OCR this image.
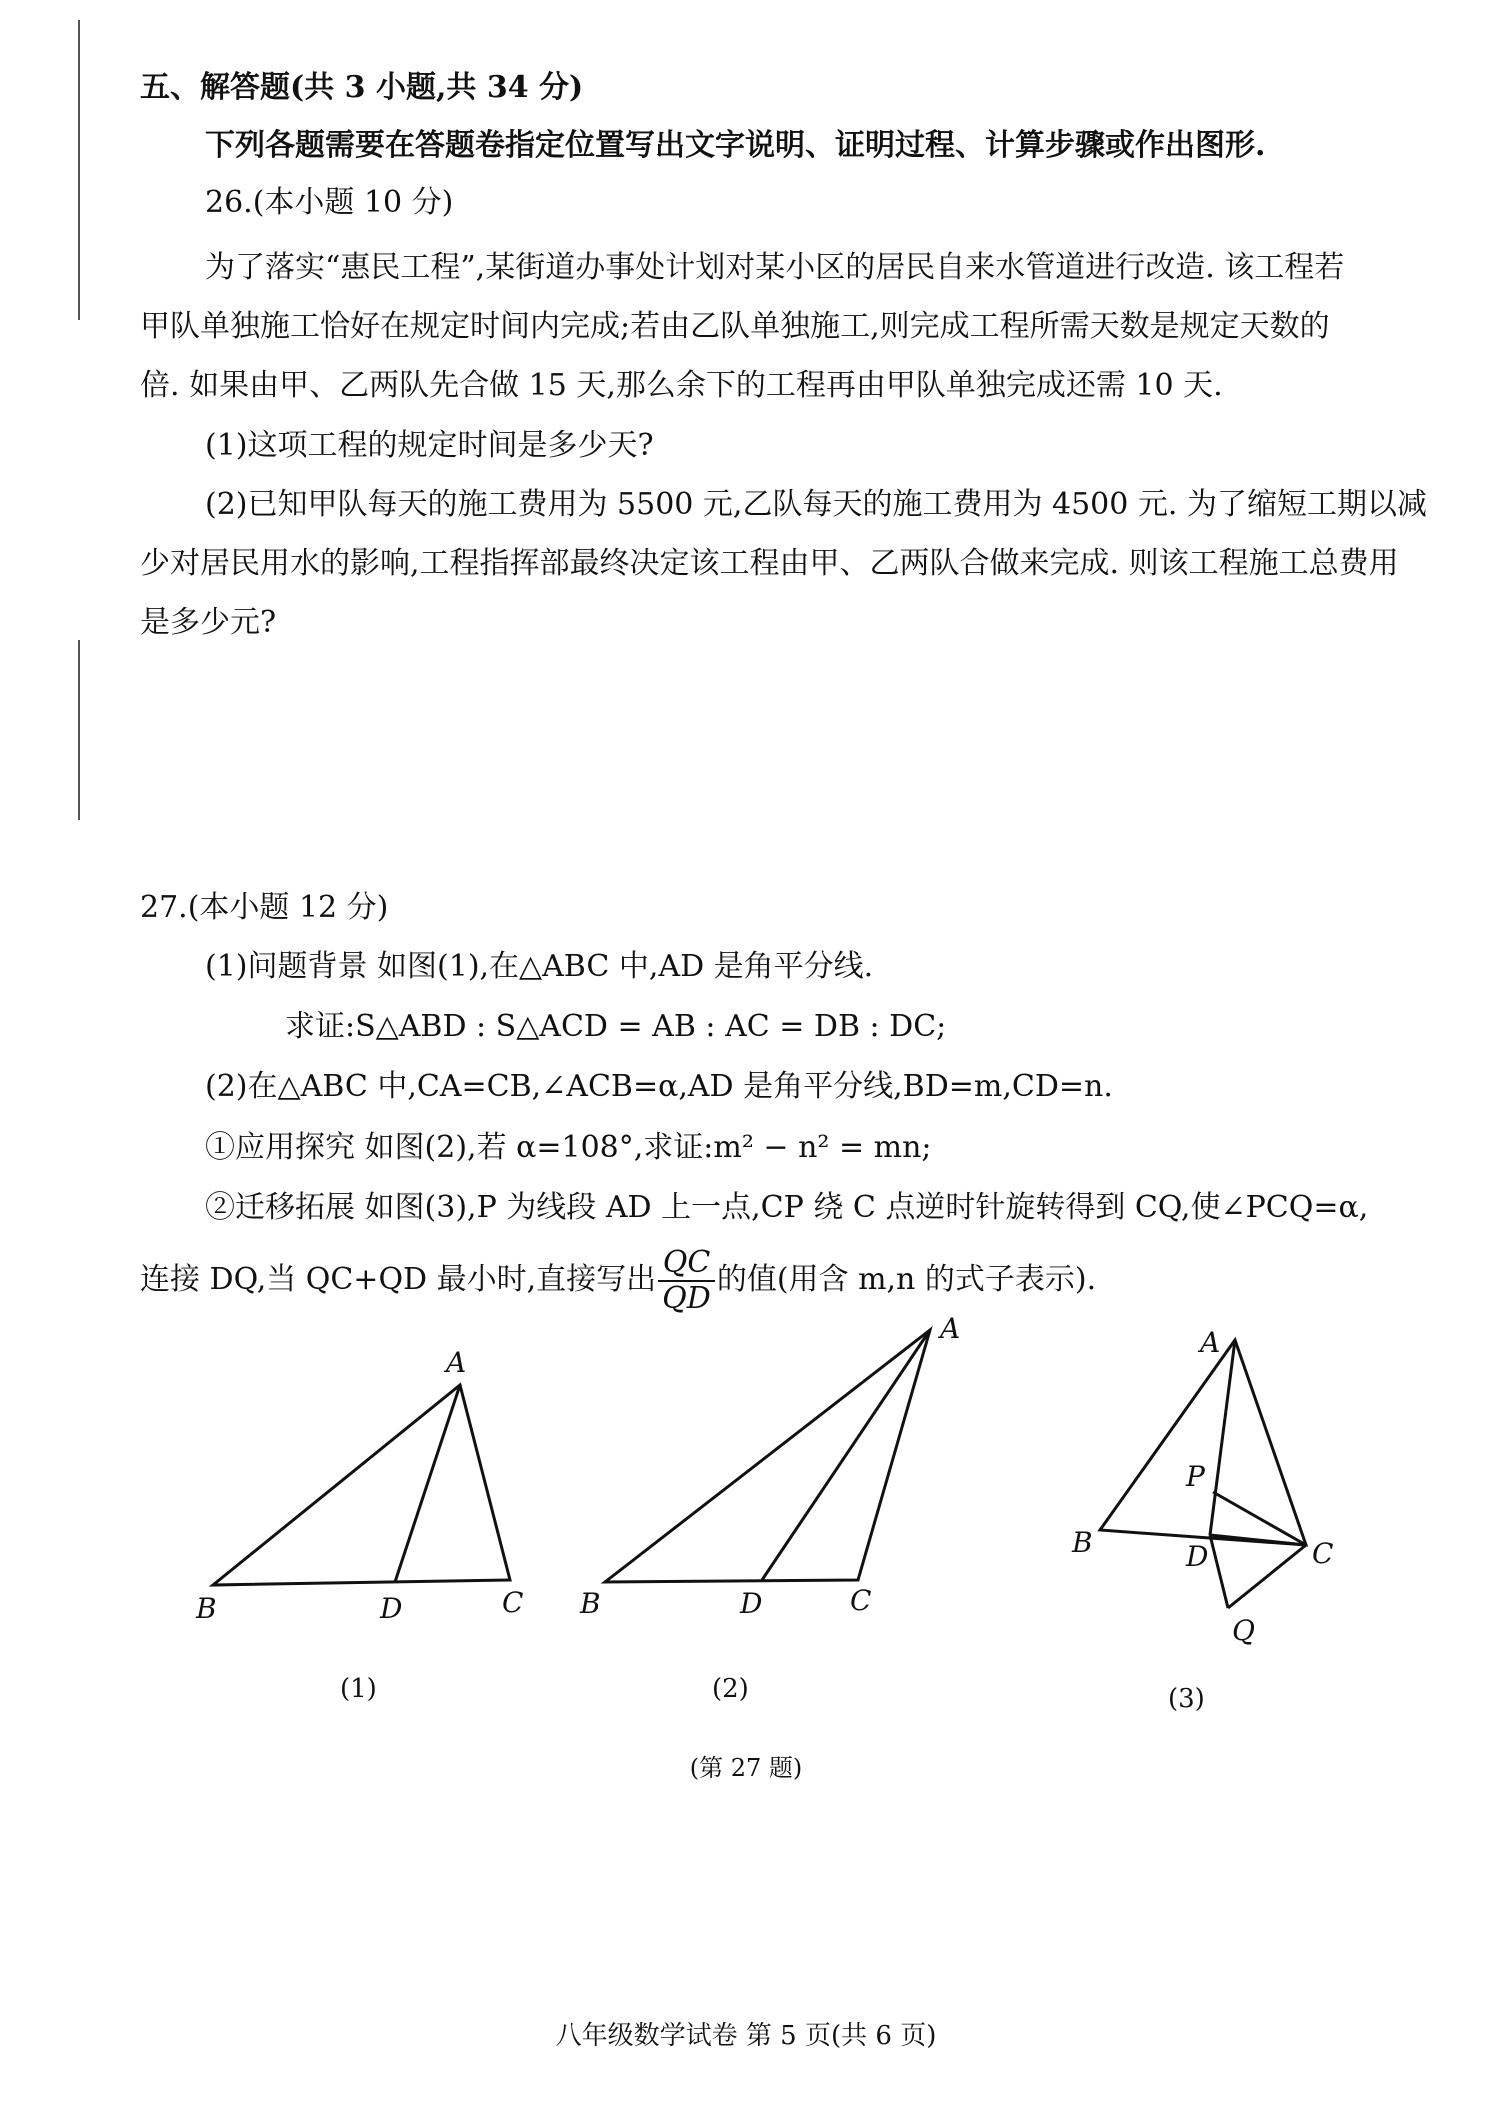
五、解答题(共 3 小题,共 34 分)
下列各题需要在答题卷指定位置写出文字说明、证明过程、计算步骤或作出图形.
26.(本小题 10 分)
为了落实“惠民工程”,某街道办事处计划对某小区的居民自来水管道进行改造. 该工程若
甲队单独施工恰好在规定时间内完成;若由乙队单独施工,则完成工程所需天数是规定天数的
倍. 如果由甲、乙两队先合做 15 天,那么余下的工程再由甲队单独完成还需 10 天.
(1)这项工程的规定时间是多少天?
(2)已知甲队每天的施工费用为 5500 元,乙队每天的施工费用为 4500 元. 为了缩短工期以减
少对居民用水的影响,工程指挥部最终决定该工程由甲、乙两队合做来完成. 则该工程施工总费用
是多少元?
27.(本小题 12 分)
(1)问题背景 如图(1),在△ABC 中,AD 是角平分线.
求证:S△ABD : S△ACD = AB : AC = DB : DC;
(2)在△ABC 中,CA=CB,∠ACB=α,AD 是角平分线,BD=m,CD=n.
①应用探究 如图(2),若 α=108°,求证:m² − n² = mn;
②迁移拓展 如图(3),P 为线段 AD 上一点,CP 绕 C 点逆时针旋转得到 CQ,使∠PCQ=α,
连接 DQ,当 QC+QD 最小时,直接写出 $\frac{QC}{QD}$ 的值(用含 m,n 的式子表示).
A
B	D	C
(1)
A
B	D	C
(2)
A
P
B	D	C
Q
(3)
(第 27 题)
八年级数学试卷 第 5 页(共 6 页)
